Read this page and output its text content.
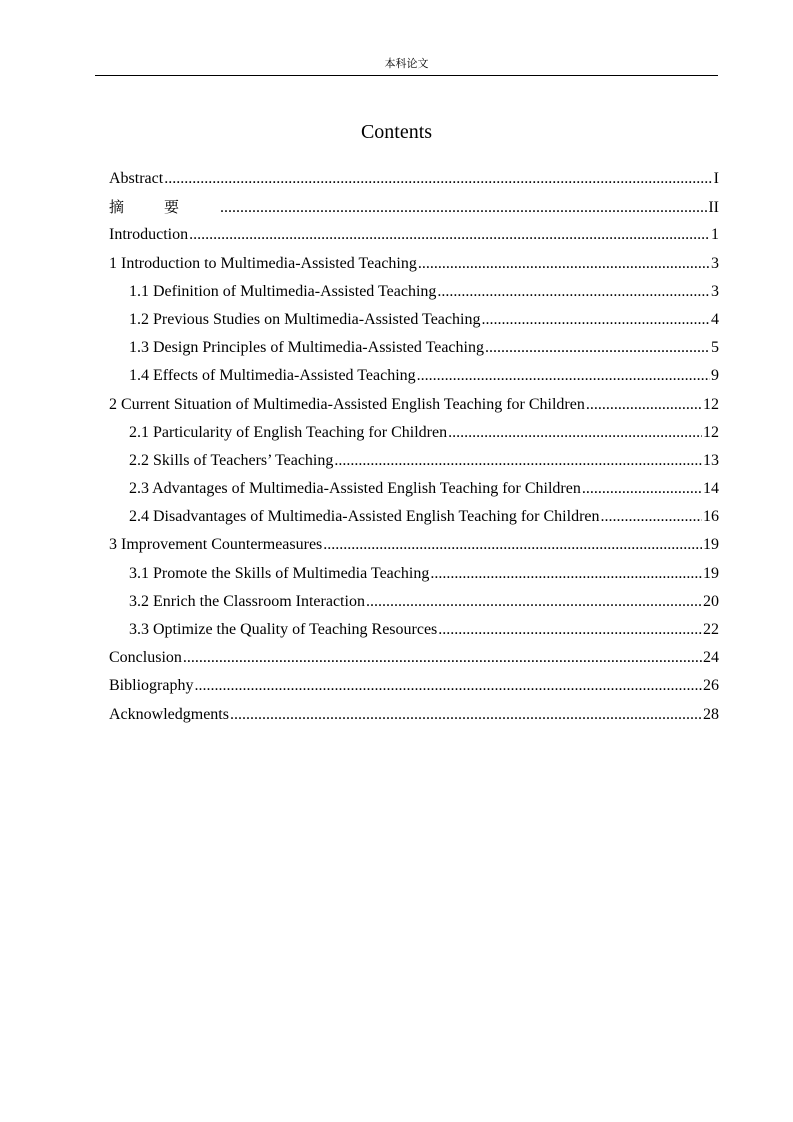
本科论文
Contents
Abstract .....	I
摘要 .....	II
Introduction .....	1
1 Introduction to Multimedia-Assisted Teaching .....	3
1.1 Definition of Multimedia-Assisted Teaching .....	3
1.2 Previous Studies on Multimedia-Assisted Teaching .....	4
1.3 Design Principles of Multimedia-Assisted Teaching .....	5
1.4 Effects of Multimedia-Assisted Teaching .....	9
2 Current Situation of Multimedia-Assisted English Teaching for Children .....	12
2.1 Particularity of English Teaching for Children .....	12
2.2 Skills of Teachers’ Teaching .....	13
2.3 Advantages of Multimedia-Assisted English Teaching for Children .....	14
2.4 Disadvantages of Multimedia-Assisted English Teaching for Children .....	16
3 Improvement Countermeasures .....	19
3.1 Promote the Skills of Multimedia Teaching .....	19
3.2 Enrich the Classroom Interaction .....	20
3.3 Optimize the Quality of Teaching Resources .....	22
Conclusion .....	24
Bibliography .....	26
Acknowledgments .....	28
